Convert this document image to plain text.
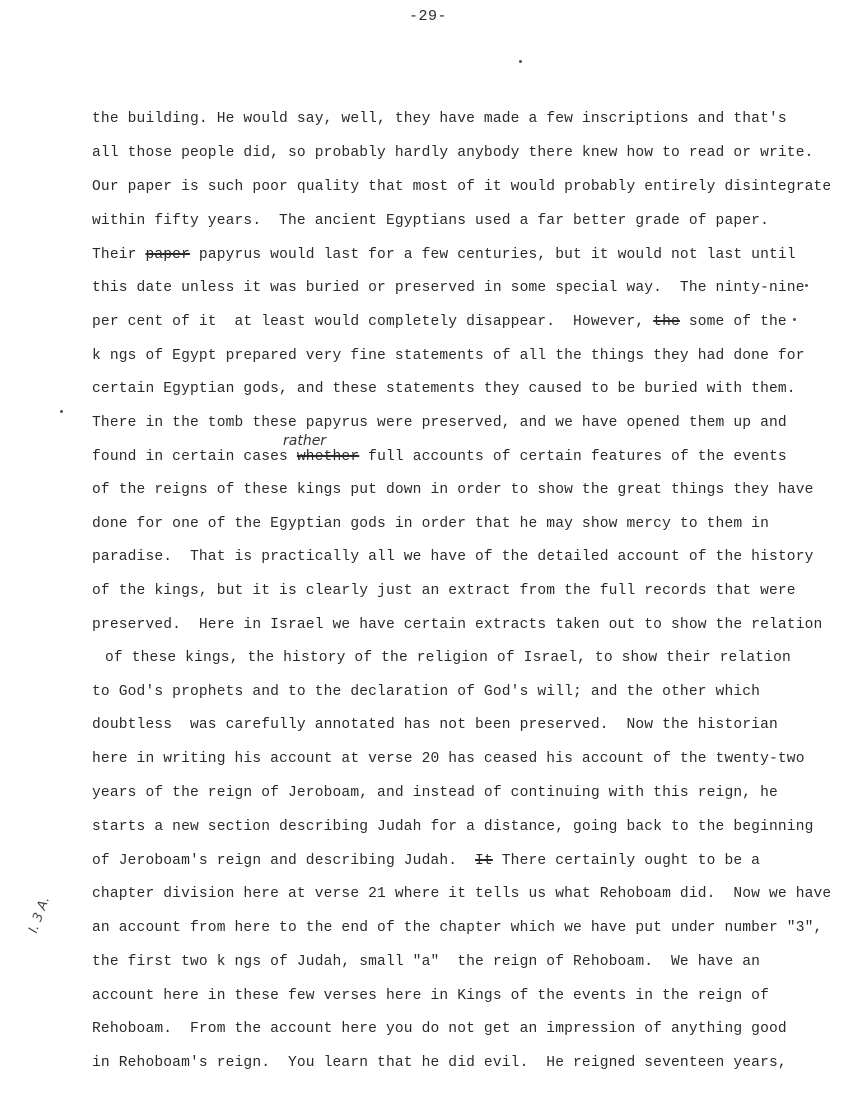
-29-
the building. He would say, well, they have made a few inscriptions and that's
all those people did, so probably hardly anybody there knew how to read or write.
Our paper is such poor quality that most of it would probably entirely disintegrate
within fifty years.  The ancient Egyptians used a far better grade of paper.
Their paper papyrus would last for a few centuries, but it would not last until
this date unless it was buried or preserved in some special way.  The ninty-nine
per cent of it  at least would completely disappear.  However, the some of the
k ngs of Egypt prepared very fine statements of all the things they had done for
certain Egyptian gods, and these statements they caused to be buried with them.
There in the tomb these papyrus were preserved, and we have opened them up and
found in certain cases whether full accounts of certain features of the events
of the reigns of these kings put down in order to show the great things they have
done for one of the Egyptian gods in order that he may show mercy to them in
paradise.  That is practically all we have of the detailed account of the history
of the kings, but it is clearly just an extract from the full records that were
preserved.  Here in Israel we have certain extracts taken out to show the relation
of these kings, the history of the religion of Israel, to show their relation
to God's prophets and to the declaration of God's will; and the other which
doubtless  was carefully annotated has not been preserved.  Now the historian
here in writing his account at verse 20 has ceased his account of the twenty-two
years of the reign of Jeroboam, and instead of continuing with this reign, he
starts a new section describing Judah for a distance, going back to the beginning
of Jeroboam's reign and describing Judah.  It There certainly ought to be a
chapter division here at verse 21 where it tells us what Rehoboam did.  Now we have
an account from here to the end of the chapter which we have put under number "3",
the first two k ngs of Judah, small "a"  the reign of Rehoboam.  We have an
account here in these few verses here in Kings of the events in the reign of
Rehoboam.  From the account here you do not get an impression of anything good
in Rehoboam's reign.  You learn that he did evil.  He reigned seventeen years,
rather
I. 3 A.
